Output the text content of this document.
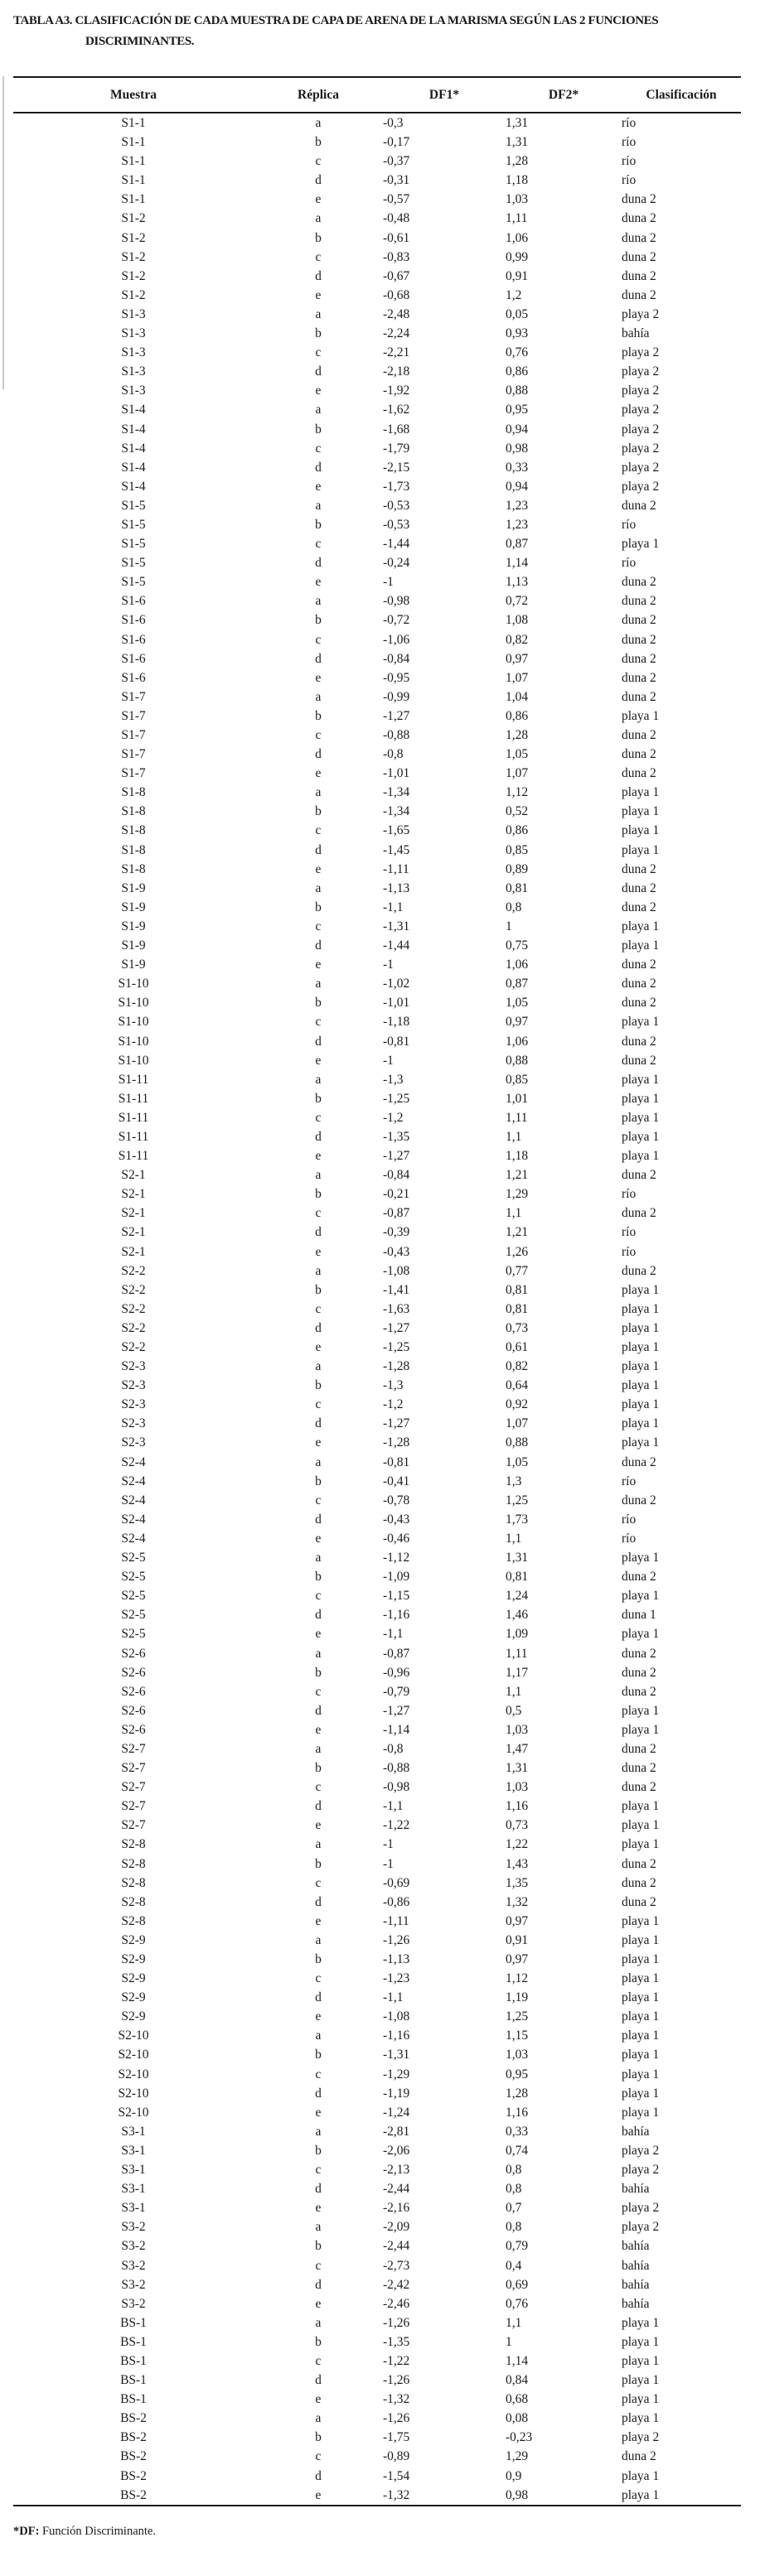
TABLA A3. CLASIFICACIÓN DE CADA MUESTRA DE CAPA DE ARENA DE LA MARISMA SEGÚN LAS 2 FUNCIONES
DISCRIMINANTES.
Muestra	Réplica	DF1*	DF2*	Clasificación
S1-1	a	-0,3	1,31	río
S1-1	b	-0,17	1,31	río
S1-1	c	-0,37	1,28	río
S1-1	d	-0,31	1,18	río
S1-1	e	-0,57	1,03	duna 2
S1-2	a	-0,48	1,11	duna 2
S1-2	b	-0,61	1,06	duna 2
S1-2	c	-0,83	0,99	duna 2
S1-2	d	-0,67	0,91	duna 2
S1-2	e	-0,68	1,2	duna 2
S1-3	a	-2,48	0,05	playa 2
S1-3	b	-2,24	0,93	bahía
S1-3	c	-2,21	0,76	playa 2
S1-3	d	-2,18	0,86	playa 2
S1-3	e	-1,92	0,88	playa 2
S1-4	a	-1,62	0,95	playa 2
S1-4	b	-1,68	0,94	playa 2
S1-4	c	-1,79	0,98	playa 2
S1-4	d	-2,15	0,33	playa 2
S1-4	e	-1,73	0,94	playa 2
S1-5	a	-0,53	1,23	duna 2
S1-5	b	-0,53	1,23	río
S1-5	c	-1,44	0,87	playa 1
S1-5	d	-0,24	1,14	río
S1-5	e	-1	1,13	duna 2
S1-6	a	-0,98	0,72	duna 2
S1-6	b	-0,72	1,08	duna 2
S1-6	c	-1,06	0,82	duna 2
S1-6	d	-0,84	0,97	duna 2
S1-6	e	-0,95	1,07	duna 2
S1-7	a	-0,99	1,04	duna 2
S1-7	b	-1,27	0,86	playa 1
S1-7	c	-0,88	1,28	duna 2
S1-7	d	-0,8	1,05	duna 2
S1-7	e	-1,01	1,07	duna 2
S1-8	a	-1,34	1,12	playa 1
S1-8	b	-1,34	0,52	playa 1
S1-8	c	-1,65	0,86	playa 1
S1-8	d	-1,45	0,85	playa 1
S1-8	e	-1,11	0,89	duna 2
S1-9	a	-1,13	0,81	duna 2
S1-9	b	-1,1	0,8	duna 2
S1-9	c	-1,31	1	playa 1
S1-9	d	-1,44	0,75	playa 1
S1-9	e	-1	1,06	duna 2
S1-10	a	-1,02	0,87	duna 2
S1-10	b	-1,01	1,05	duna 2
S1-10	c	-1,18	0,97	playa 1
S1-10	d	-0,81	1,06	duna 2
S1-10	e	-1	0,88	duna 2
S1-11	a	-1,3	0,85	playa 1
S1-11	b	-1,25	1,01	playa 1
S1-11	c	-1,2	1,11	playa 1
S1-11	d	-1,35	1,1	playa 1
S1-11	e	-1,27	1,18	playa 1
S2-1	a	-0,84	1,21	duna 2
S2-1	b	-0,21	1,29	río
S2-1	c	-0,87	1,1	duna 2
S2-1	d	-0,39	1,21	río
S2-1	e	-0,43	1,26	río
S2-2	a	-1,08	0,77	duna 2
S2-2	b	-1,41	0,81	playa 1
S2-2	c	-1,63	0,81	playa 1
S2-2	d	-1,27	0,73	playa 1
S2-2	e	-1,25	0,61	playa 1
S2-3	a	-1,28	0,82	playa 1
S2-3	b	-1,3	0,64	playa 1
S2-3	c	-1,2	0,92	playa 1
S2-3	d	-1,27	1,07	playa 1
S2-3	e	-1,28	0,88	playa 1
S2-4	a	-0,81	1,05	duna 2
S2-4	b	-0,41	1,3	río
S2-4	c	-0,78	1,25	duna 2
S2-4	d	-0,43	1,73	río
S2-4	e	-0,46	1,1	río
S2-5	a	-1,12	1,31	playa 1
S2-5	b	-1,09	0,81	duna 2
S2-5	c	-1,15	1,24	playa 1
S2-5	d	-1,16	1,46	duna 1
S2-5	e	-1,1	1,09	playa 1
S2-6	a	-0,87	1,11	duna 2
S2-6	b	-0,96	1,17	duna 2
S2-6	c	-0,79	1,1	duna 2
S2-6	d	-1,27	0,5	playa 1
S2-6	e	-1,14	1,03	playa 1
S2-7	a	-0,8	1,47	duna 2
S2-7	b	-0,88	1,31	duna 2
S2-7	c	-0,98	1,03	duna 2
S2-7	d	-1,1	1,16	playa 1
S2-7	e	-1,22	0,73	playa 1
S2-8	a	-1	1,22	playa 1
S2-8	b	-1	1,43	duna 2
S2-8	c	-0,69	1,35	duna 2
S2-8	d	-0,86	1,32	duna 2
S2-8	e	-1,11	0,97	playa 1
S2-9	a	-1,26	0,91	playa 1
S2-9	b	-1,13	0,97	playa 1
S2-9	c	-1,23	1,12	playa 1
S2-9	d	-1,1	1,19	playa 1
S2-9	e	-1,08	1,25	playa 1
S2-10	a	-1,16	1,15	playa 1
S2-10	b	-1,31	1,03	playa 1
S2-10	c	-1,29	0,95	playa 1
S2-10	d	-1,19	1,28	playa 1
S2-10	e	-1,24	1,16	playa 1
S3-1	a	-2,81	0,33	bahía
S3-1	b	-2,06	0,74	playa 2
S3-1	c	-2,13	0,8	playa 2
S3-1	d	-2,44	0,8	bahía
S3-1	e	-2,16	0,7	playa 2
S3-2	a	-2,09	0,8	playa 2
S3-2	b	-2,44	0,79	bahía
S3-2	c	-2,73	0,4	bahía
S3-2	d	-2,42	0,69	bahía
S3-2	e	-2,46	0,76	bahía
BS-1	a	-1,26	1,1	playa 1
BS-1	b	-1,35	1	playa 1
BS-1	c	-1,22	1,14	playa 1
BS-1	d	-1,26	0,84	playa 1
BS-1	e	-1,32	0,68	playa 1
BS-2	a	-1,26	0,08	playa 1
BS-2	b	-1,75	-0,23	playa 2
BS-2	c	-0,89	1,29	duna 2
BS-2	d	-1,54	0,9	playa 1
BS-2	e	-1,32	0,98	playa 1
*DF: Función Discriminante.
